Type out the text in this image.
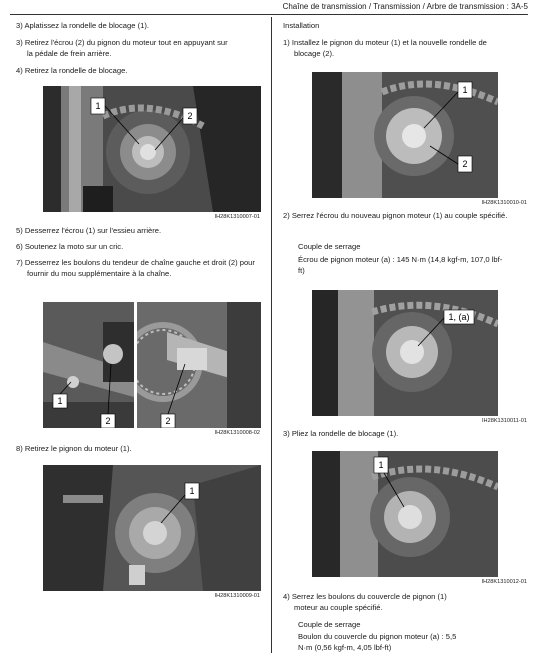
Chaîne de transmission / Transmission / Arbre de transmission : 3A-5
3) Aplatissez la rondelle de blocage (1).
3) Retirez l'écrou (2) du pignon du moteur tout en appuyant sur
la pédale de frein arrière.
4) Retirez la rondelle de blocage.
1
2
IH28K1310007-01
5) Desserrez l'écrou (1) sur l'essieu arrière.
6) Soutenez la moto sur un cric.
7) Desserrez les boulons du tendeur de chaîne gauche et droit (2) pour
fournir du mou supplémentaire à la chaîne.
1
2	2
IH28K1310008-02
8) Retirez le pignon du moteur (1).
1
IH28K1310009-01
Installation
1) Installez le pignon du moteur (1) et la nouvelle rondelle de
blocage (2).
1
2
IH28K1310010-01
2) Serrez l'écrou du nouveau pignon moteur (1) au couple spécifié.
Couple de serrage
Écrou de pignon moteur (a) : 145 N·m (14,8 kgf-m, 107,0 lbf-
ft)
1, (a)
IH28K1310011-01
3) Pliez la rondelle de blocage (1).
1
IH28K1310012-01
4) Serrez les boulons du couvercle de pignon (1)
moteur au couple spécifié.
Couple de serrage
Boulon du couvercle du pignon moteur (a) : 5,5
N·m (0,56 kgf-m, 4,05 lbf-ft)
